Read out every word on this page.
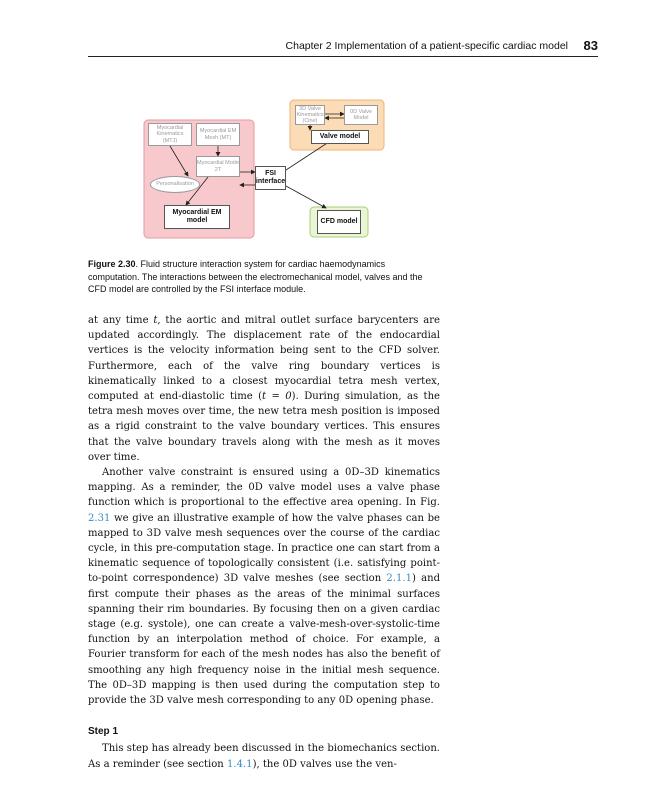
Chapter 2 Implementation of a patient-specific cardiac model 83
Myocardial Kinematics (MTJ)
Myocardial EM Mesh (MT)
Myocardial Mode 2T
Personalisation
Myocardial EM model
FSI interface
3D Valve Kinematics (Cine)
0D Valve Model
Valve model
CFD model
Figure 2.30. Fluid structure interaction system for cardiac haemodynamics computation. The interactions between the electromechanical model, valves and the CFD model are controlled by the FSI interface module.

at any time t, the aortic and mitral outlet surface barycenters are updated accordingly. The displacement rate of the endocardial vertices is the velocity information being sent to the CFD solver. Furthermore, each of the valve ring boundary vertices is kinematically linked to a closest myocardial tetra mesh vertex, computed at end-diastolic time (t = 0). During simulation, as the tetra mesh moves over time, the new tetra mesh position is imposed as a rigid constraint to the valve boundary vertices. This ensures that the valve boundary travels along with the mesh as it moves over time.

Another valve constraint is ensured using a 0D–3D kinematics mapping. As a reminder, the 0D valve model uses a valve phase function which is proportional to the effective area opening. In Fig. 2.31 we give an illustrative example of how the valve phases can be mapped to 3D valve mesh sequences over the course of the cardiac cycle, in this pre-computation stage. In practice one can start from a kinematic sequence of topologically consistent (i.e. satisfying point-to-point correspondence) 3D valve meshes (see section 2.1.1) and first compute their phases as the areas of the minimal surfaces spanning their rim boundaries. By focusing then on a given cardiac stage (e.g. systole), one can create a valve-mesh-over-systolic-time function by an interpolation method of choice. For example, a Fourier transform for each of the mesh nodes has also the benefit of smoothing any high frequency noise in the initial mesh sequence. The 0D–3D mapping is then used during the computation step to provide the 3D valve mesh corresponding to any 0D opening phase.

Step 1

This step has already been discussed in the biomechanics section. As a reminder (see section 1.4.1), the 0D valves use the ven-
